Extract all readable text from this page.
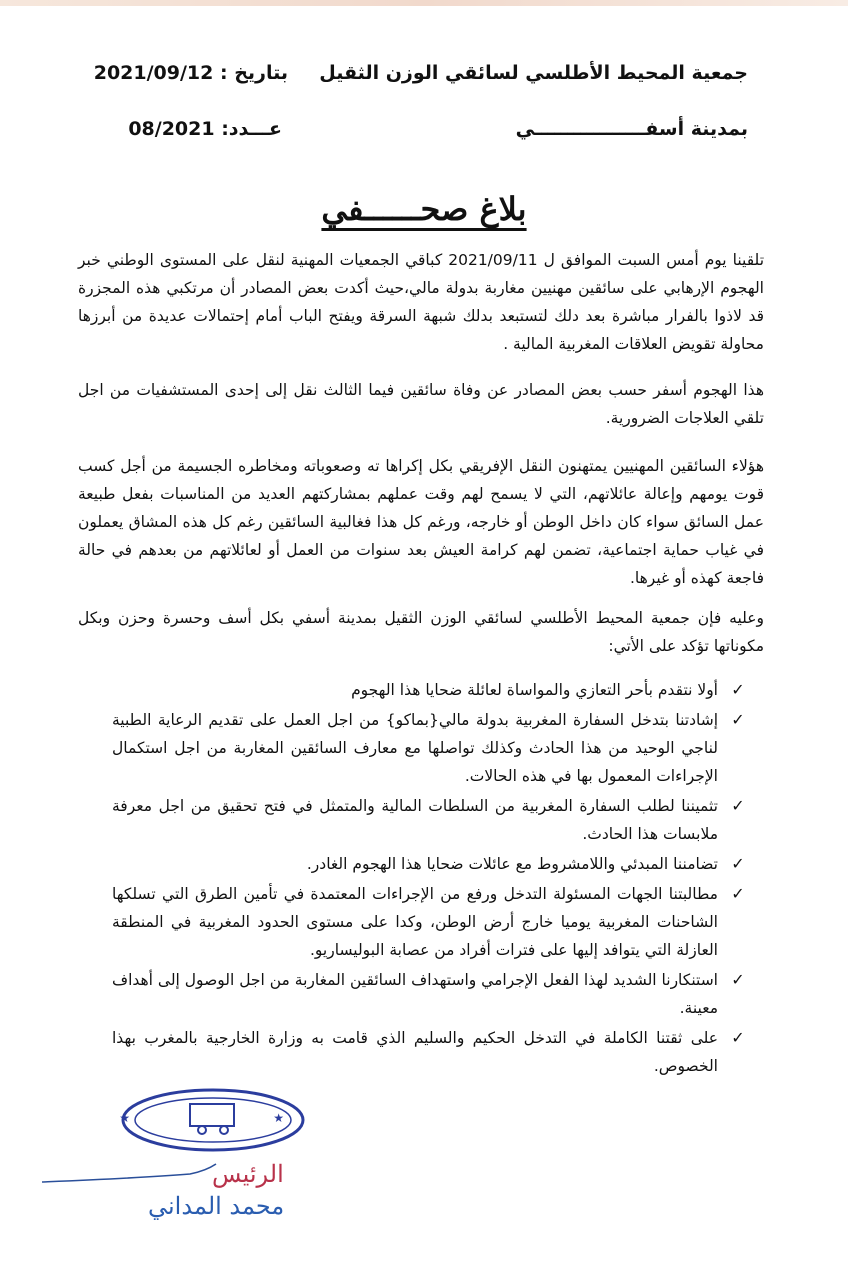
جمعية المحيط الأطلسي لسائقي الوزن الثقيل
بمدينة أسفـــــــــــــــــي
بتاريخ : 2021/09/12
عـــدد: 08/2021
بلاغ صحــــــفي
تلقينا يوم أمس السبت الموافق ل 2021/09/11 كباقي الجمعيات المهنية لنقل على المستوى الوطني خبر الهجوم الإرهابي على سائقين مهنيين مغاربة بدولة مالي،حيث أكدت بعض المصادر أن مرتكبي هذه المجزرة قد لاذوا بالفرار مباشرة بعد دلك لتستبعد بدلك شبهة السرقة ويفتح الباب أمام إحتمالات عديدة من أبرزها محاولة تقويض العلاقات المغربية المالية .
هذا الهجوم أسفر حسب بعض المصادر عن وفاة سائقين فيما الثالث نقل إلى إحدى المستشفيات من اجل تلقي العلاجات الضرورية.
هؤلاء السائقين المهنيين يمتهنون النقل الإفريقي بكل إكراها ته وصعوباته ومخاطره الجسيمة من أجل كسب قوت يومهم وإعالة عائلاتهم، التي لا يسمح لهم وقت عملهم بمشاركتهم العديد من المناسبات بفعل طبيعة عمل السائق سواء كان داخل الوطن أو خارجه، ورغم كل هذا فغالبية السائقين رغم كل هذه المشاق يعملون في غياب حماية اجتماعية، تضمن لهم كرامة العيش بعد سنوات من العمل أو لعائلاتهم من بعدهم في حالة فاجعة كهذه أو غيرها.
وعليه فإن جمعية المحيط الأطلسي لسائقي الوزن الثقيل بمدينة أسفي بكل أسف وحسرة وحزن وبكل مكوناتها تؤكد على الأتي:
✓
أولا نتقدم بأحر التعازي والمواساة لعائلة ضحايا هذا الهجوم
✓
إشادتنا بتدخل السفارة المغربية بدولة مالي{بماكو} من اجل العمل على تقديم الرعاية الطبية لناجي الوحيد من هذا الحادث وكذلك تواصلها مع معارف السائقين المغاربة من اجل استكمال الإجراءات المعمول بها في هذه الحالات.
✓
تثميننا لطلب السفارة المغربية من السلطات المالية والمتمثل في فتح تحقيق من اجل معرفة ملابسات هذا الحادث.
✓
تضامننا المبدئي واللامشروط مع عائلات ضحايا هذا الهجوم الغادر.
✓
مطالبتنا الجهات المسئولة التدخل ورفع من الإجراءات المعتمدة في تأمين الطرق التي تسلكها الشاحنات المغربية يوميا خارج أرض الوطن، وكدا على مستوى الحدود المغربية في المنطقة العازلة التي يتوافد إليها على فترات أفراد من عصابة البوليساريو.
✓
استنكارنا الشديد لهذا الفعل الإجرامي واستهداف السائقين المغاربة من اجل الوصول إلى أهداف معينة.
✓
على ثقتنا الكاملة في التدخل الحكيم والسليم الذي قامت به وزارة الخارجية بالمغرب بهذا الخصوص.
★	★
الرئيس
محمد المداني
